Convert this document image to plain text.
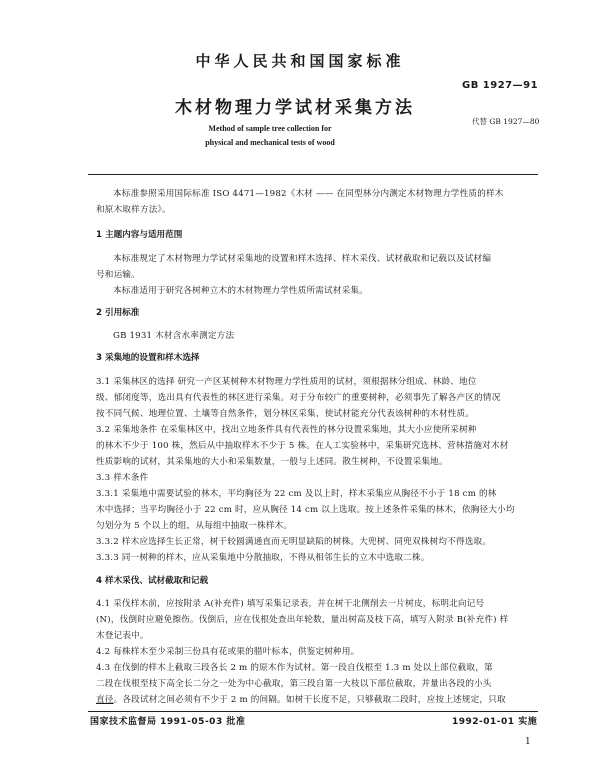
中华人民共和国国家标准
GB 1927—91
木材物理力学试材采集方法
代替 GB 1927—80
Method of sample tree collection for
physical and mechanical tests of wood
本标准参照采用国际标准 ISO 4471—1982《木材 —— 在同型林分内测定木材物理力学性质的样木
和原木取样方法》。
1 主题内容与适用范围
本标准规定了木材物理力学试材采集地的设置和样木选择、样木采伐、试材截取和记载以及试材编
号和运输。
本标准适用于研究各树种立木的木材物理力学性质所需试材采集。
2 引用标准
GB 1931 木材含水率测定方法
3 采集地的设置和样木选择
3.1 采集林区的选择 研究一产区某树种木材物理力学性质用的试材，须根据林分组成、林龄、地位
级、郁闭度等，选出具有代表性的林区进行采集。对于分布较广的重要树种，必须事先了解各产区的情况
按不同气候、地理位置、土壤等自然条件，划分林区采集，使试材能充分代表该树种的木材性质。
3.2 采集地条件 在采集林区中，找出立地条件具有代表性的林分设置采集地，其大小应使所采树种
的林木不少于 100 株，然后从中抽取样木不少于 5 株。在人工实验林中，采集研究选林、营林措施对木材
性质影响的试材，其采集地的大小和采集数量，一般与上述同。散生树种，不设置采集地。
3.3 样木条件
3.3.1 采集地中需要试验的林木，平均胸径为 22 cm 及以上时，样木采集应从胸径不小于 18 cm 的林
木中选择；当平均胸径小于 22 cm 时，应从胸径 14 cm 以上选取。按上述条件采集的林木，依胸径大小均
匀划分为 5 个以上的组，从每组中抽取一株样木。
3.3.2 样木应选择生长正常，树干较圆满通直而无明显缺陷的树株。大兜树、同兜双株树均不得选取。
3.3.3 同一树种的样木，应从采集地中分散抽取，不得从相邻生长的立木中选取二株。
4 样木采伐、试材截取和记载
4.1 采伐样木前，应按附录 A(补充件) 填写采集记录表，并在树干北侧削去一片树皮，标明北向记号
(N)，伐倒时应避免擦伤。伐倒后，应在伐根处查出年轮数，量出树高及枝下高，填写入附录 B(补充件) 样
木登记表中。
4.2 每株样木至少采制三份具有花或果的腊叶标本，供鉴定树种用。
4.3 在伐倒的样木上截取三段各长 2 m 的原木作为试材。第一段自伐根至 1.3 m 处以上部位截取，第
二段在伐根至枝下高全长二分之一处为中心截取，第三段自第一大枝以下部位截取，并量出各段的小头
直径。各段试材之间必须有不少于 2 m 的间隔。如树干长度不足，只够截取二段时，应按上述规定，只取
国家技术监督局 1991-05-03 批准	1992-01-01 实施
1
